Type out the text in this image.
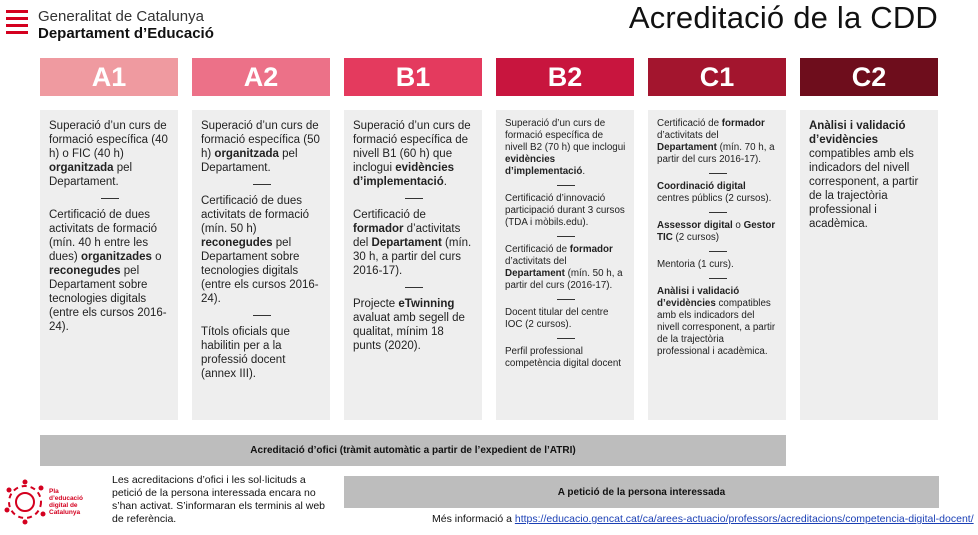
Generalitat de Catalunya
Departament d’Educació	Acreditació de la CDD
A1	A2	B1	B2	C1	C2

Superació d’un curs de formació específica (40 h) o FIC (40 h) organitzada pel Departament.

Certificació de dues activitats de formació (mín. 40 h entre les dues) organitzades o reconegudes pel Departament sobre tecnologies digitals (entre els cursos 2016-24).

Superació d’un curs de formació específica (50 h) organitzada pel Departament.

Certificació de dues activitats de formació (mín. 50 h) reconegudes pel Departament sobre tecnologies digitals (entre els cursos 2016-24).

Títols oficials que habilitin per a la professió docent (annex III).

Superació d’un curs de formació específica de nivell B1 (60 h) que inclogui evidències d’implementació.

Certificació de formador d’activitats del Departament (mín. 30 h, a partir del curs 2016-17).

Projecte eTwinning avaluat amb segell de qualitat, mínim 18 punts (2020).

Superació d’un curs de formació específica de nivell B2 (70 h) que inclogui evidències d’implementació.

Certificació d’innovació participació durant 3 cursos (TDA i mòbils.edu).

Certificació de formador d’activitats del Departament (mín. 50 h, a partir del curs (2016-17).

Docent titular del centre IOC (2 cursos).

Perfil professional competència digital docent

Certificació de formador d’activitats del Departament (mín. 70 h, a partir del curs 2016-17).

Coordinació digital centres públics (2 cursos).

Assessor digital o Gestor TIC (2 cursos)

Mentoria (1 curs).

Anàlisi i validació d’evidències compatibles amb els indicadors del nivell corresponent, a partir de la trajectòria professional i acadèmica.

Anàlisi i validació d’evidències compatibles amb els indicadors del nivell corresponent, a partir de la trajectòria professional i acadèmica.

Acreditació d’ofici (tràmit automàtic a partir de l’expedient de l’ATRI)
A petició de la persona interessada
Pla d’educació digital de Catalunya
Les acreditacions d’ofici i les sol·licituds a petició de la persona interessada encara no s’han activat. S’informaran els terminis al web de referència.	Més informació a https://educacio.gencat.cat/ca/arees-actuacio/professors/acreditacions/competencia-digital-docent/
